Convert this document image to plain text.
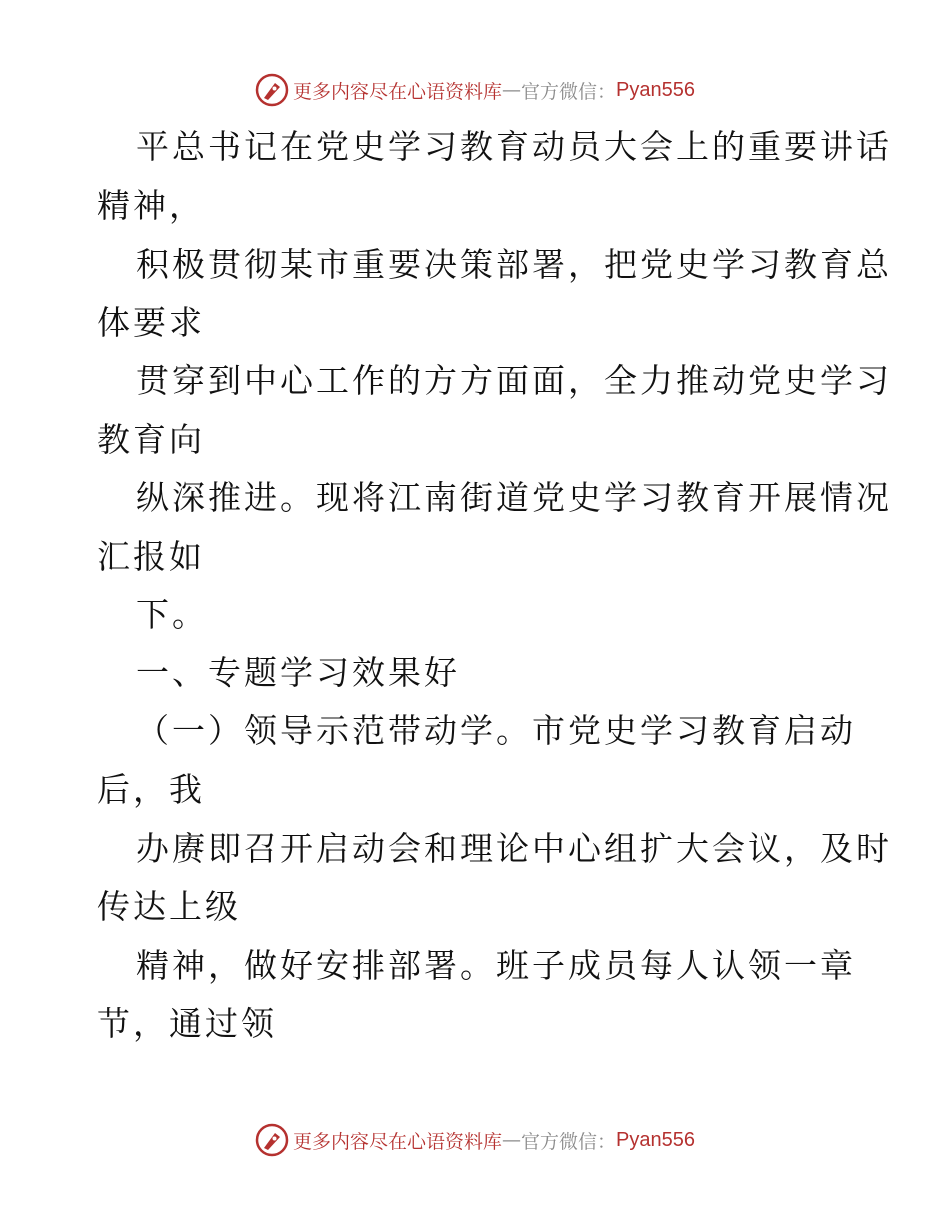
更多内容尽在心语资料库 — 官方微信： Pyan556
平总书记在党史学习教育动员大会上的重要讲话
精神，
积极贯彻某市重要决策部署，把党史学习教育总
体要求
贯穿到中心工作的方方面面，全力推动党史学习
教育向
纵深推进。现将江南街道党史学习教育开展情况
汇报如
下。
一、专题学习效果好
（一）领导示范带动学。市党史学习教育启动
后，我
办赓即召开启动会和理论中心组扩大会议，及时
传达上级
精神，做好安排部署。班子成员每人认领一章
节，通过领
更多内容尽在心语资料库 — 官方微信： Pyan556
